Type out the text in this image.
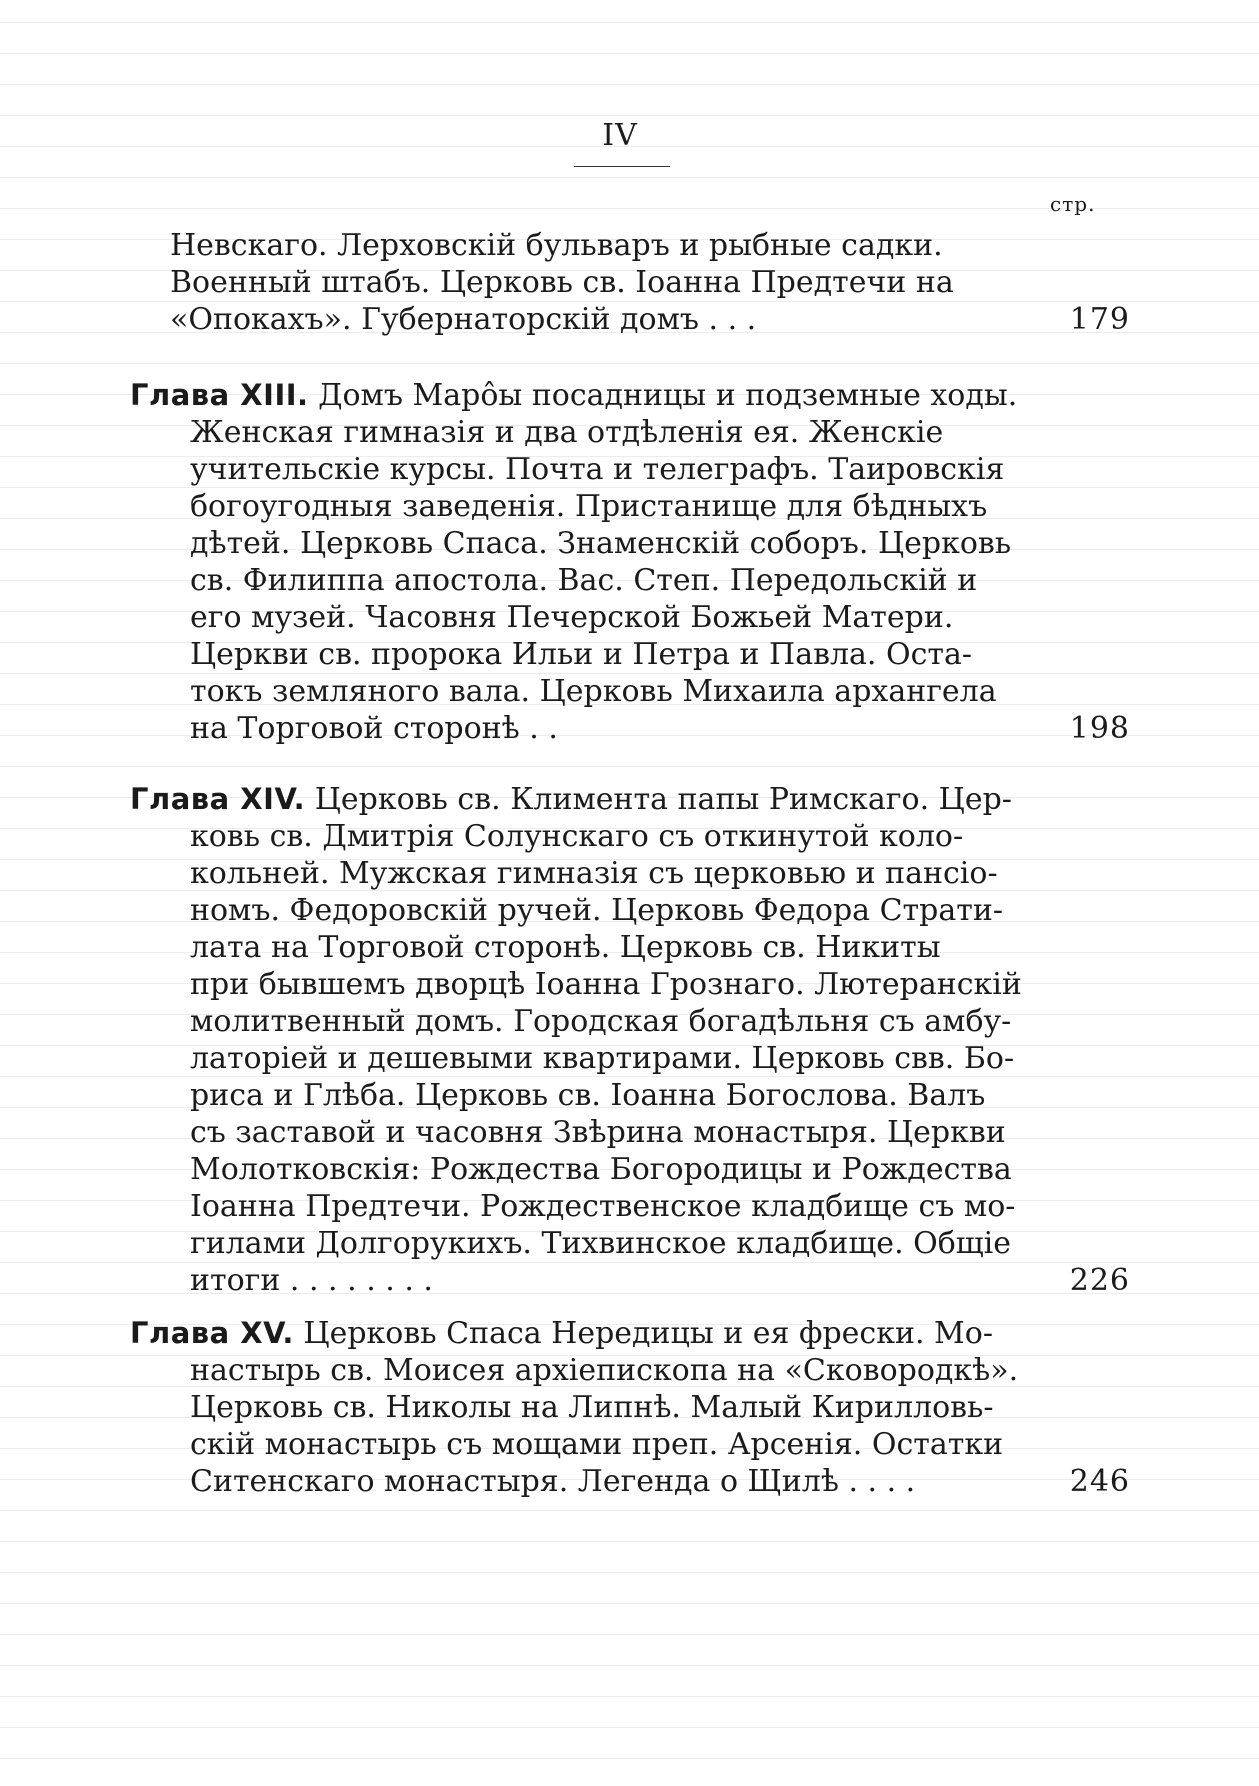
IV
стр.
Невскаго. Лерховскій бульваръ и рыбные садки.
Военный штабъ. Церковь св. Іоанна Предтечи на
«Опокахъ». Губернаторскій домъ . . .	179
Глава XIII. Домъ Маро̂ы посадницы и подземные ходы.
Женская гимназія и два отдѣленія ея. Женскіе
учительскіе курсы. Почта и телеграфъ. Таировскія
богоугодныя заведенія. Пристанище для бѣдныхъ
дѣтей. Церковь Спаса. Знаменскій соборъ. Церковь
св. Филиппа апостола. Вас. Степ. Передольскій и
его музей. Часовня Печерской Божьей Матери.
Церкви св. пророка Ильи и Петра и Павла. Оста-
токъ земляного вала. Церковь Михаила архангела
на Торговой сторонѣ . .	198
Глава XIV. Церковь св. Климента папы Римскаго. Цер-
ковь св. Дмитрія Солунскаго съ откинутой коло-
кольней. Мужская гимназія съ церковью и пансіо-
номъ. Федоровскій ручей. Церковь Федора Страти-
лата на Торговой сторонѣ. Церковь св. Никиты
при бывшемъ дворцѣ Іоанна Грознаго. Лютеранскій
молитвенный домъ. Городская богадѣльня съ амбу-
латоріей и дешевыми квартирами. Церковь свв. Бо-
риса и Глѣба. Церковь св. Іоанна Богослова. Валъ
съ заставой и часовня Звѣрина монастыря. Церкви
Молотковскія: Рождества Богородицы и Рождества
Іоанна Предтечи. Рождественское кладбище съ мо-
гилами Долгорукихъ. Тихвинское кладбище. Общіе
итоги . . . . . . . .	226
Глава XV. Церковь Спаса Нередицы и ея фрески. Мо-
настырь св. Моисея архіепископа на «Сковородкѣ».
Церковь св. Николы на Липнѣ. Малый Кирилловь-
скій монастырь съ мощами преп. Арсенія. Остатки
Ситенскаго монастыря. Легенда о Щилѣ . . . .	246
